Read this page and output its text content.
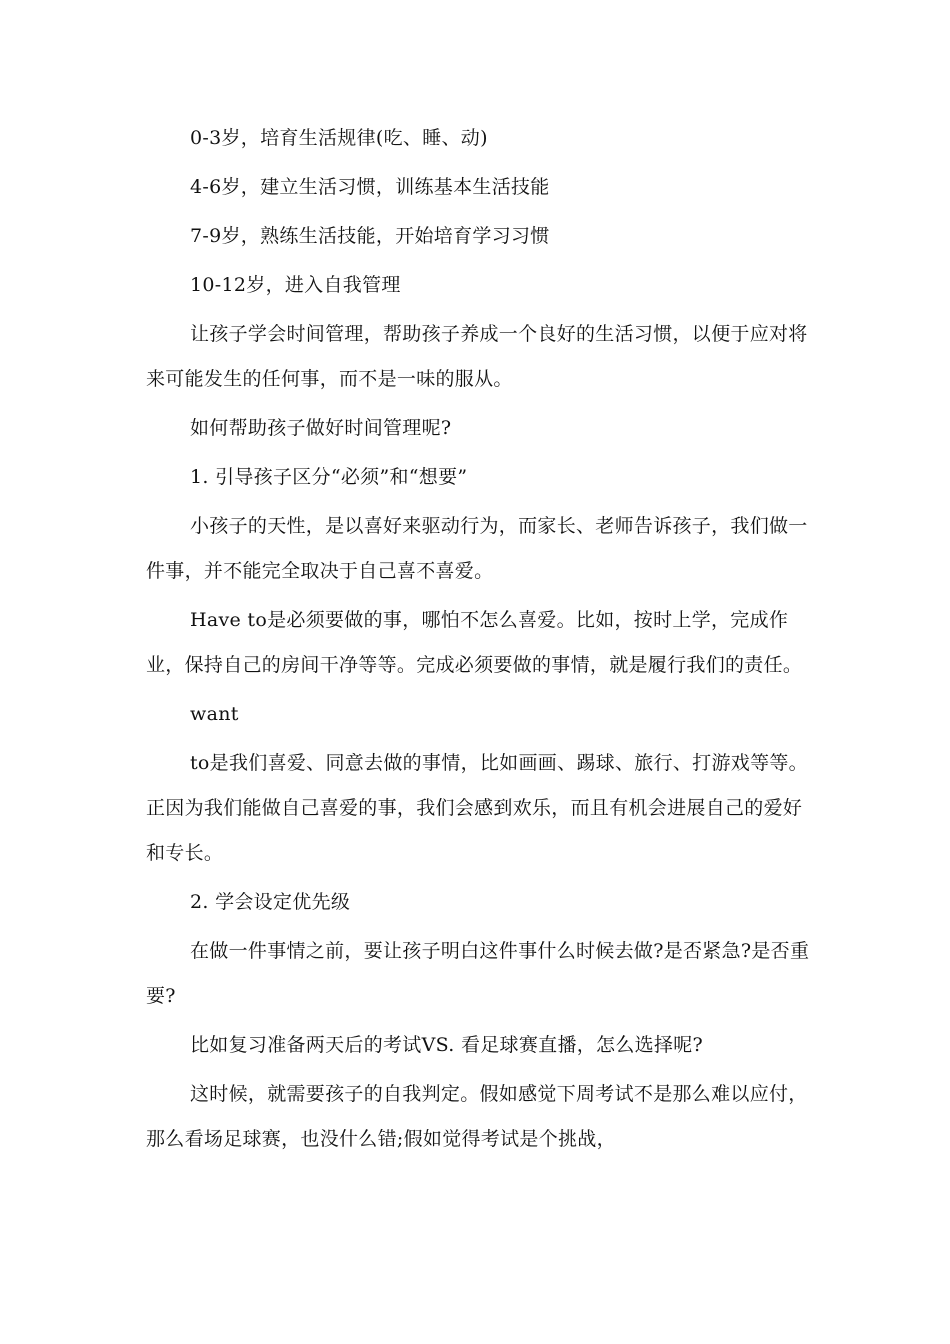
0-3岁，培育生活规律(吃、睡、动)

4-6岁，建立生活习惯，训练基本生活技能

7-9岁，熟练生活技能，开始培育学习习惯

10-12岁，进入自我管理

让孩子学会时间管理，帮助孩子养成一个良好的生活习惯，以便于应对将来可能发生的任何事，而不是一味的服从。

如何帮助孩子做好时间管理呢?

1. 引导孩子区分“必须”和“想要”

小孩子的天性，是以喜好来驱动行为，而家长、老师告诉孩子，我们做一件事，并不能完全取决于自己喜不喜爱。

Have to是必须要做的事，哪怕不怎么喜爱。比如，按时上学，完成作业，保持自己的房间干净等等。完成必须要做的事情，就是履行我们的责任。

want

to是我们喜爱、同意去做的事情，比如画画、踢球、旅行、打游戏等等。正因为我们能做自己喜爱的事，我们会感到欢乐，而且有机会进展自己的爱好和专长。

2. 学会设定优先级

在做一件事情之前，要让孩子明白这件事什么时候去做?是否紧急?是否重要?

比如复习准备两天后的考试VS. 看足球赛直播，怎么选择呢?

这时候，就需要孩子的自我判定。假如感觉下周考试不是那么难以应付，那么看场足球赛，也没什么错;假如觉得考试是个挑战，
